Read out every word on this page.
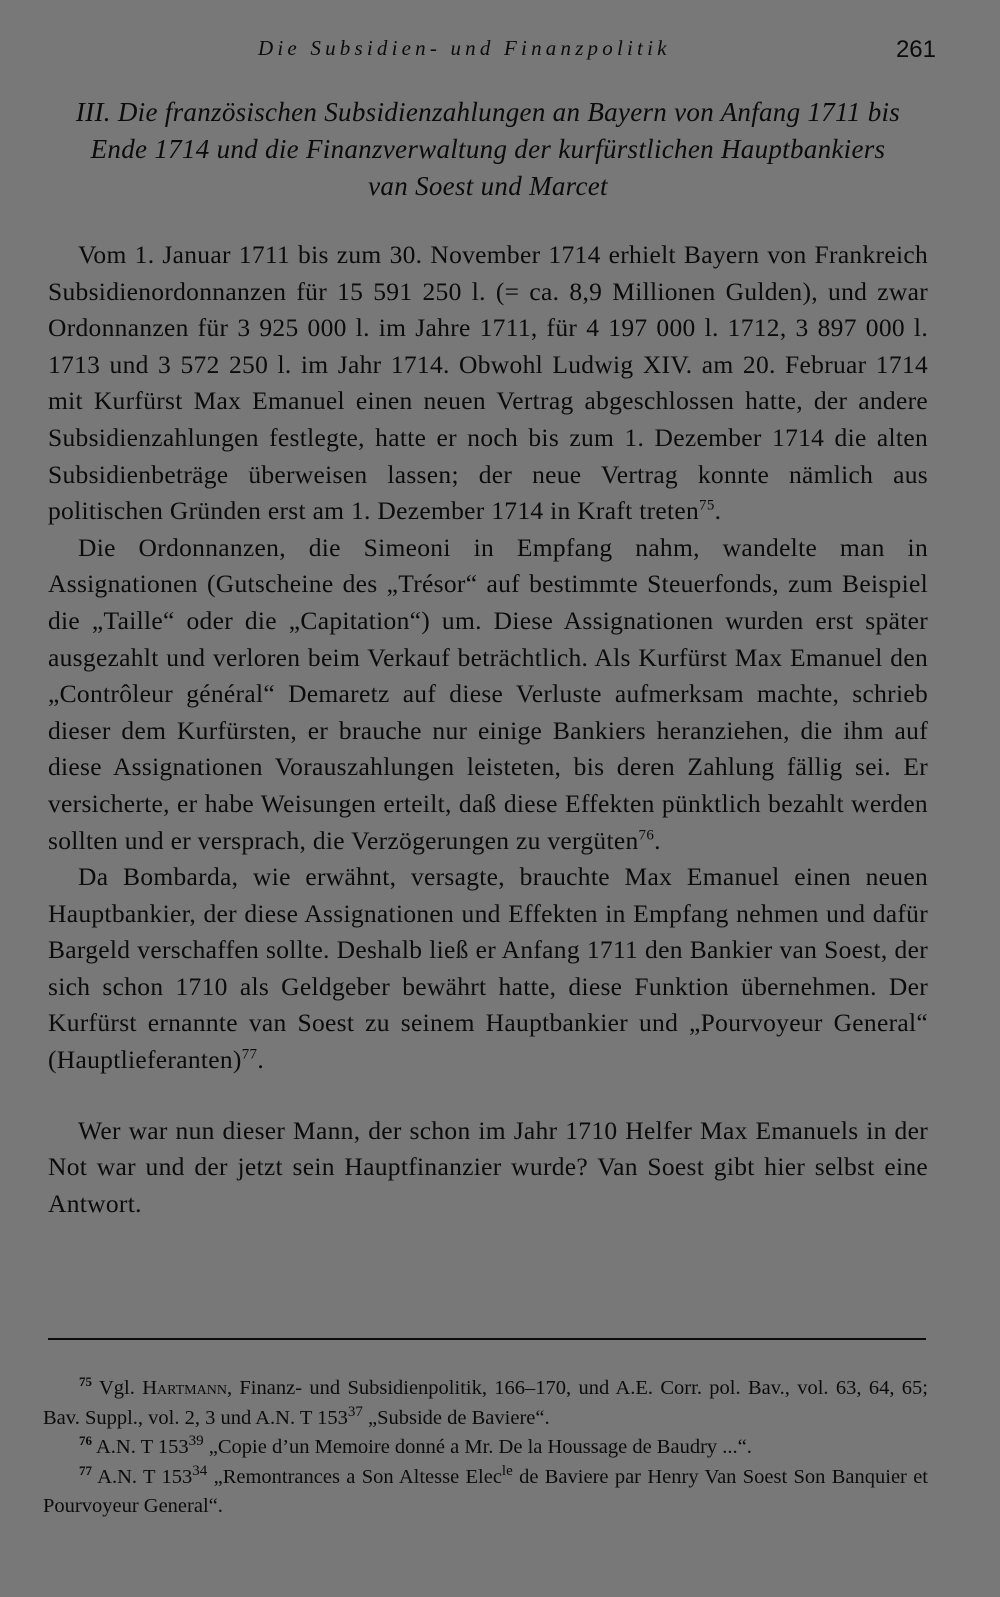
Die Subsidien- und Finanzpolitik	261
III. Die französischen Subsidienzahlungen an Bayern von Anfang 1711 bis
Ende 1714 und die Finanzverwaltung der kurfürstlichen Hauptbankiers
van Soest und Marcet

Vom 1. Januar 1711 bis zum 30. November 1714 erhielt Bayern von Frankreich Subsidienordonnanzen für 15 591 250 l. (= ca. 8,9 Millionen Gulden), und zwar Ordonnanzen für 3 925 000 l. im Jahre 1711, für 4 197 000 l. 1712, 3 897 000 l. 1713 und 3 572 250 l. im Jahr 1714. Obwohl Ludwig XIV. am 20. Februar 1714 mit Kurfürst Max Emanuel einen neuen Vertrag abgeschlossen hatte, der andere Subsidienzahlungen festlegte, hatte er noch bis zum 1. Dezember 1714 die alten Subsidienbeträge überweisen lassen; der neue Vertrag konnte nämlich aus politischen Gründen erst am 1. Dezember 1714 in Kraft treten$^{75}$.

Die Ordonnanzen, die Simeoni in Empfang nahm, wandelte man in Assignationen (Gutscheine des „Trésor“ auf bestimmte Steuerfonds, zum Beispiel die „Taille“ oder die „Capitation“) um. Diese Assignationen wurden erst später ausgezahlt und verloren beim Verkauf beträchtlich. Als Kurfürst Max Emanuel den „Contrôleur général“ Demaretz auf diese Verluste aufmerksam machte, schrieb dieser dem Kurfürsten, er brauche nur einige Bankiers heranziehen, die ihm auf diese Assignationen Vorauszahlungen leisteten, bis deren Zahlung fällig sei. Er versicherte, er habe Weisungen erteilt, daß diese Effekten pünktlich bezahlt werden sollten und er versprach, die Verzögerungen zu vergüten$^{76}$.

Da Bombarda, wie erwähnt, versagte, brauchte Max Emanuel einen neuen Hauptbankier, der diese Assignationen und Effekten in Empfang nehmen und dafür Bargeld verschaffen sollte. Deshalb ließ er Anfang 1711 den Bankier van Soest, der sich schon 1710 als Geldgeber bewährt hatte, diese Funktion übernehmen. Der Kurfürst ernannte van Soest zu seinem Hauptbankier und „Pourvoyeur General“ (Hauptlieferanten)$^{77}$.

Wer war nun dieser Mann, der schon im Jahr 1710 Helfer Max Emanuels in der Not war und der jetzt sein Hauptfinanzier wurde? Van Soest gibt hier selbst eine Antwort.

$^{75}$ Vgl. Hartmann, Finanz- und Subsidienpolitik, 166–170, und A.E. Corr. pol. Bav., vol. 63, 64, 65; Bav. Suppl., vol. 2, 3 und A.N. T $153^{37}$ „Subside de Baviere“.

$^{76}$ A.N. T $153^{39}$ „Copie d’un Memoire donné a Mr. De la Houssage de Baudry ...“.

$^{77}$ A.N. T $153^{34}$ „Remontrances a Son Altesse Elec$^{le}$ de Baviere par Henry Van Soest Son Banquier et Pourvoyeur General“.
